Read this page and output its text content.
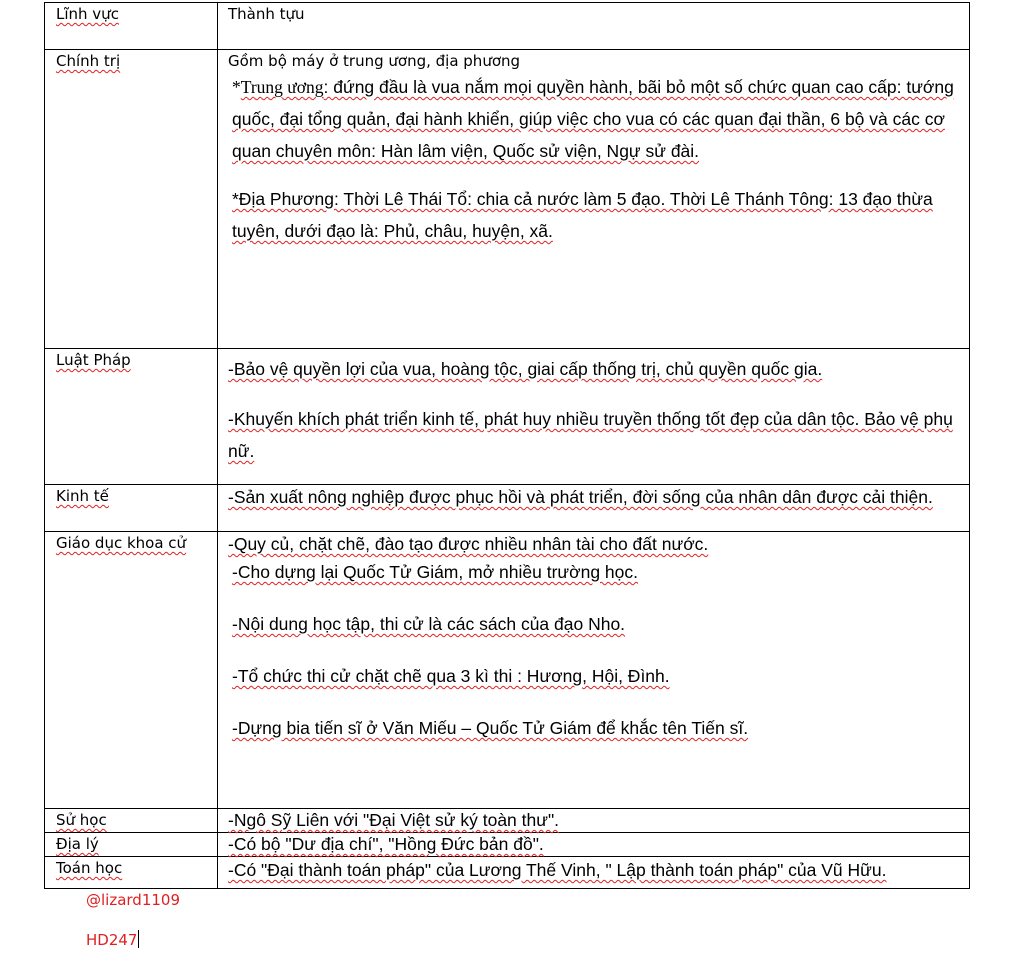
Lĩnh vực	Thành tựu
Chính trị	Gồm bộ máy ở trung ương, địa phương

*Trung ương: đứng đầu là vua nắm mọi quyền hành, bãi bỏ một số chức quan cao cấp: tướng quốc, đại tổng quản, đại hành khiển, giúp việc cho vua có các quan đại thần, 6 bộ và các cơ quan chuyên môn: Hàn lâm viện, Quốc sử viện, Ngự sử đài.

*Địa Phương: Thời Lê Thái Tổ: chia cả nước làm 5 đạo. Thời Lê Thánh Tông: 13 đạo thừa tuyên, dưới đạo là: Phủ, châu, huyện, xã.

Luật Pháp	-Bảo vệ quyền lợi của vua, hoàng tộc, giai cấp thống trị, chủ quyền quốc gia.

-Khuyến khích phát triển kinh tế, phát huy nhiều truyền thống tốt đẹp của dân tộc. Bảo vệ phụ nữ.

Kinh tế	-Sản xuất nông nghiệp được phục hồi và phát triển, đời sống của nhân dân được cải thiện.

Giáo dục khoa cử	-Quy củ, chặt chẽ, đào tạo được nhiều nhân tài cho đất nước.

-Cho dựng lại Quốc Tử Giám, mở nhiều trường học.

-Nội dung học tập, thi cử là các sách của đạo Nho.

-Tổ chức thi cử chặt chẽ qua 3 kì thi : Hương, Hội, Đình.

-Dựng bia tiến sĩ ở Văn Miếu – Quốc Tử Giám để khắc tên Tiến sĩ.

Sử học	-Ngô Sỹ Liên với "Đại Việt sử ký toàn thư".

Địa lý	-Có bộ "Dư địa chí", "Hồng Đức bản đồ".

Toán học	-Có "Đại thành toán pháp" của Lương Thế Vinh, " Lập thành toán pháp" của Vũ Hữu.

@lizard1109
HD247
